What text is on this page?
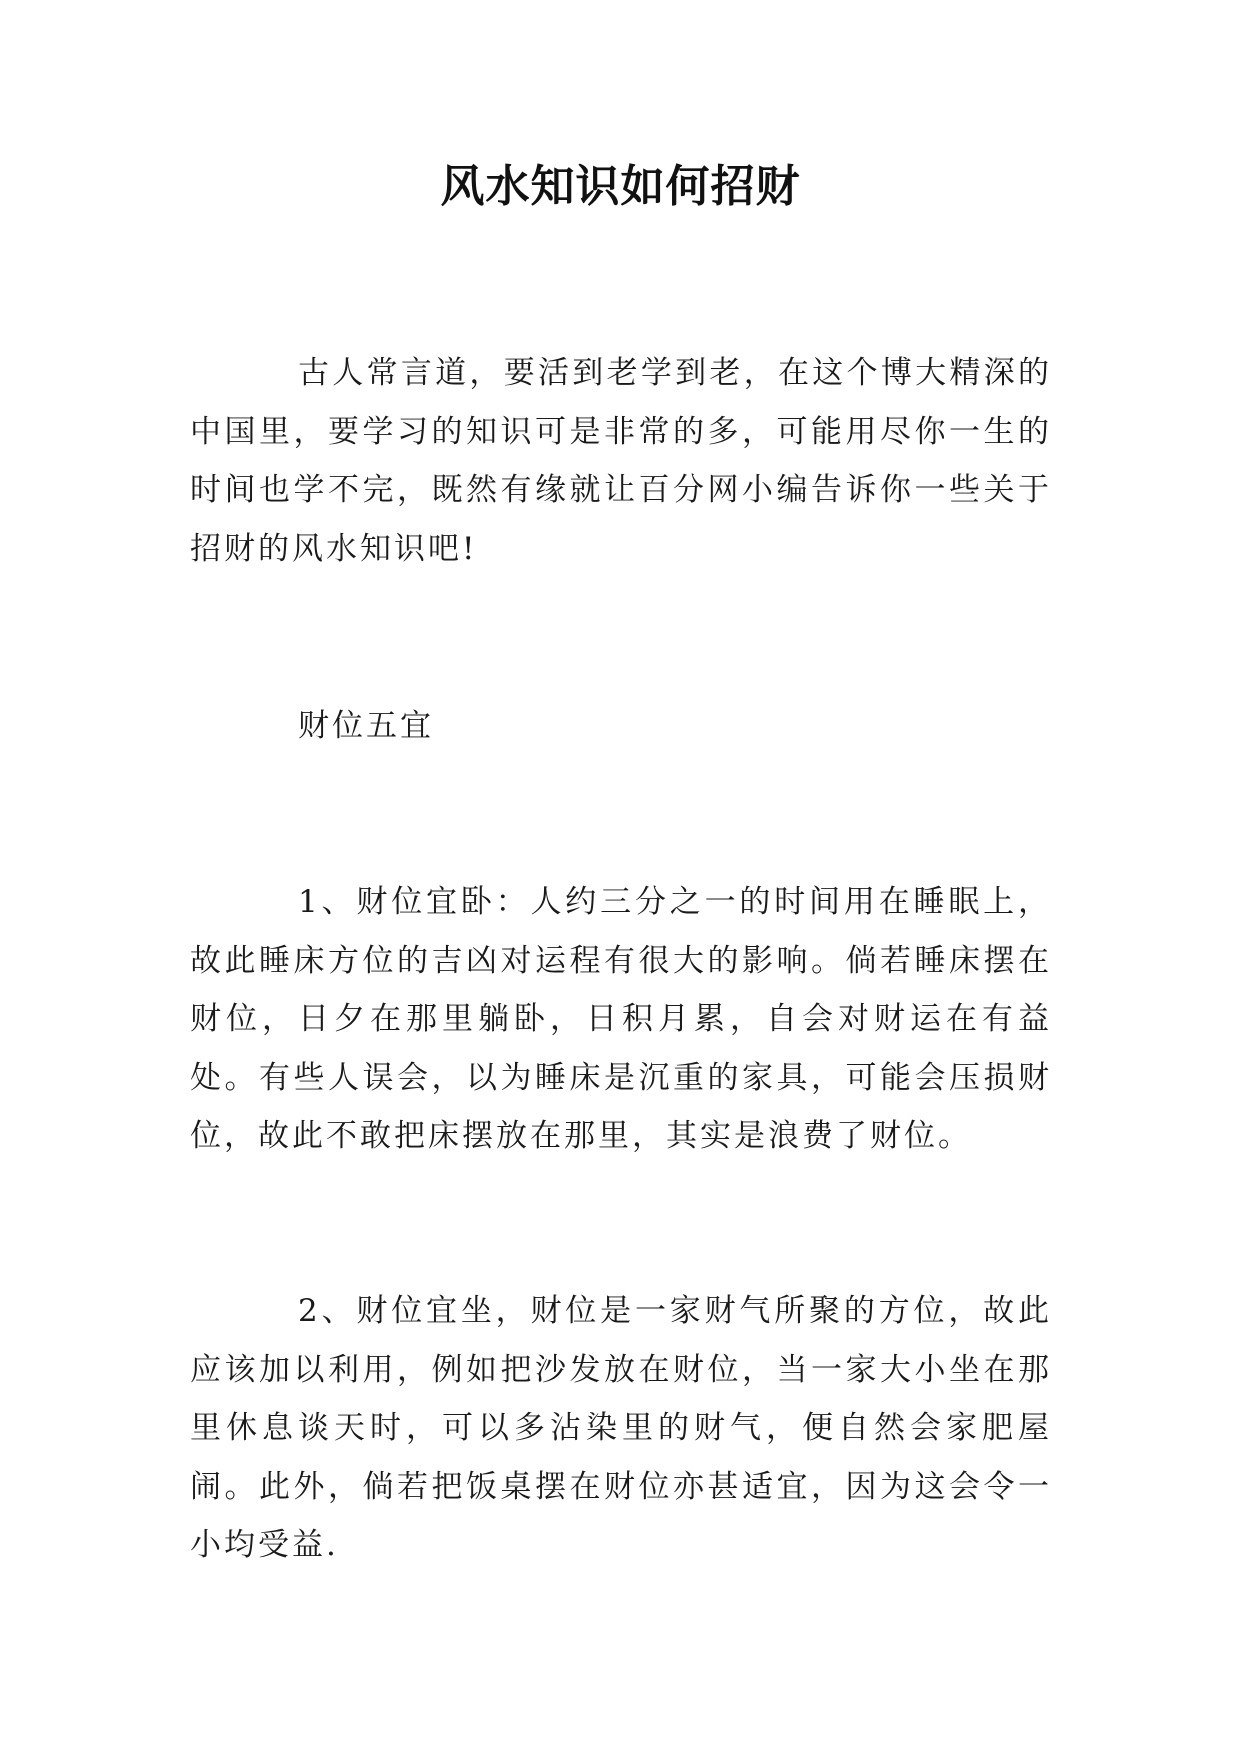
风水知识如何招财

古人常言道，要活到老学到老，在这个博大精深的中国里，要学习的知识可是非常的多，可能用尽你一生的时间也学不完，既然有缘就让百分网小编告诉你一些关于招财的风水知识吧!

财位五宜

1、财位宜卧：人约三分之一的时间用在睡眠上，故此睡床方位的吉凶对运程有很大的影响。倘若睡床摆在财位，日夕在那里躺卧，日积月累，自会对财运在有益处。有些人误会，以为睡床是沉重的家具，可能会压损财位，故此不敢把床摆放在那里，其实是浪费了财位。

2、财位宜坐，财位是一家财气所聚的方位，故此应该加以利用，例如把沙发放在财位，当一家大小坐在那里休息谈天时，可以多沾染里的财气，便自然会家肥屋闹。此外，倘若把饭桌摆在财位亦甚适宜，因为这会令一小均受益.
